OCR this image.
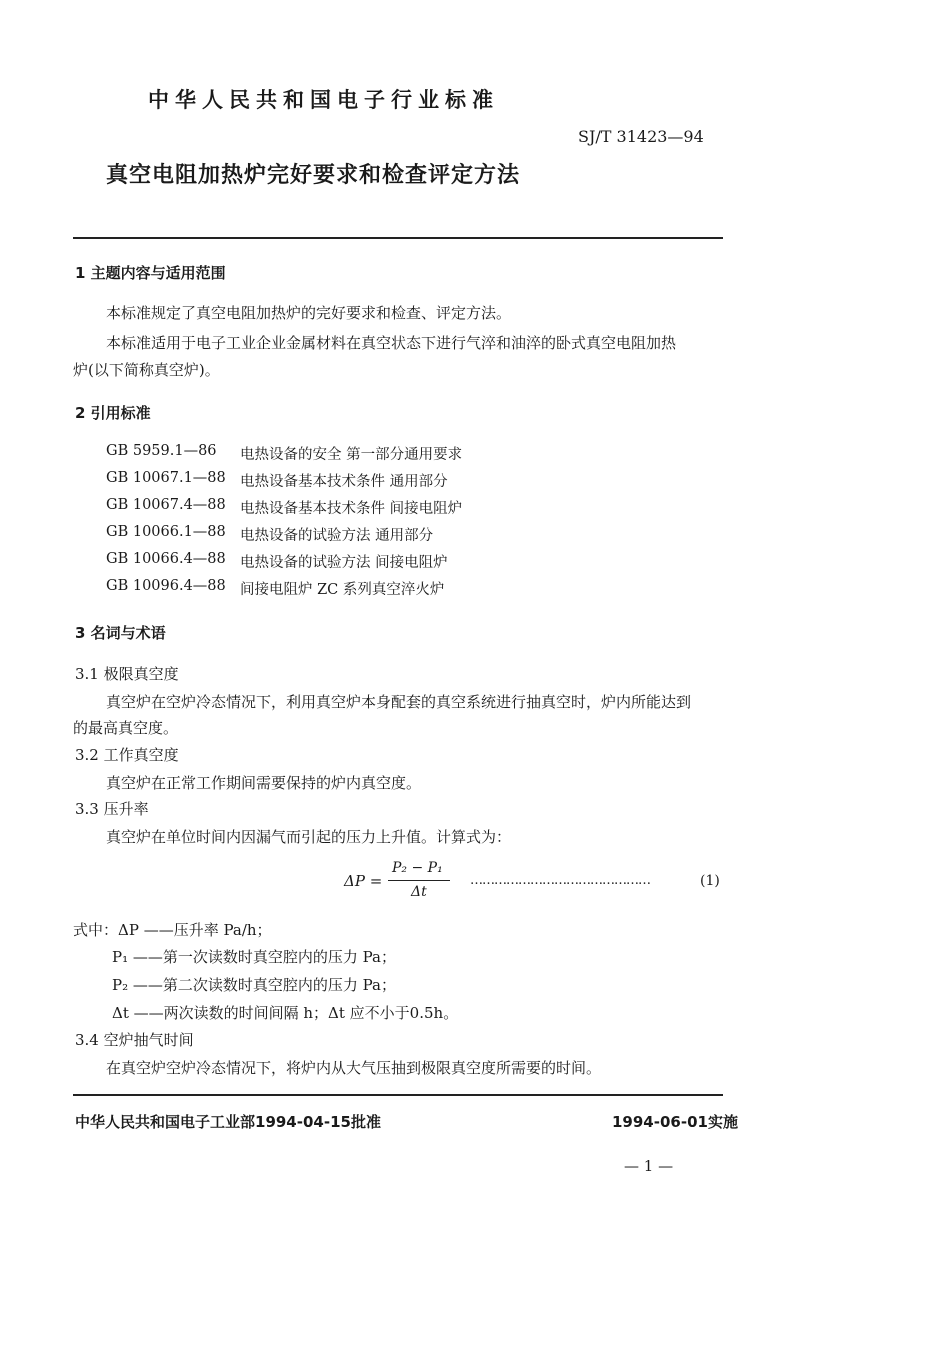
中华人民共和国电子行业标准
SJ/T 31423—94
真空电阻加热炉完好要求和检查评定方法
1 主题内容与适用范围
本标准规定了真空电阻加热炉的完好要求和检查、评定方法。
本标准适用于电子工业企业金属材料在真空状态下进行气淬和油淬的卧式真空电阻加热
炉(以下简称真空炉)。
2 引用标准
GB 5959.1—86 电热设备的安全 第一部分通用要求
GB 10067.1—88 电热设备基本技术条件 通用部分
GB 10067.4—88 电热设备基本技术条件 间接电阻炉
GB 10066.1—88 电热设备的试验方法 通用部分
GB 10066.4—88 电热设备的试验方法 间接电阻炉
GB 10096.4—88 间接电阻炉 ZC 系列真空淬火炉
3 名词与术语
3.1 极限真空度
真空炉在空炉冷态情况下，利用真空炉本身配套的真空系统进行抽真空时，炉内所能达到
的最高真空度。
3.2 工作真空度
真空炉在正常工作期间需要保持的炉内真空度。
3.3 压升率
真空炉在单位时间内因漏气而引起的压力上升值。计算式为：
ΔP =
P₂ − P₁
Δt
………………………………………	(1)
式中：ΔP ——压升率 Pa/h；
P₁ ——第一次读数时真空腔内的压力 Pa；
P₂ ——第二次读数时真空腔内的压力 Pa；
Δt ——两次读数的时间间隔 h；Δt 应不小于0.5h。
3.4 空炉抽气时间
在真空炉空炉冷态情况下，将炉内从大气压抽到极限真空度所需要的时间。
中华人民共和国电子工业部1994-04-15批准	1994-06-01实施
— 1 —
